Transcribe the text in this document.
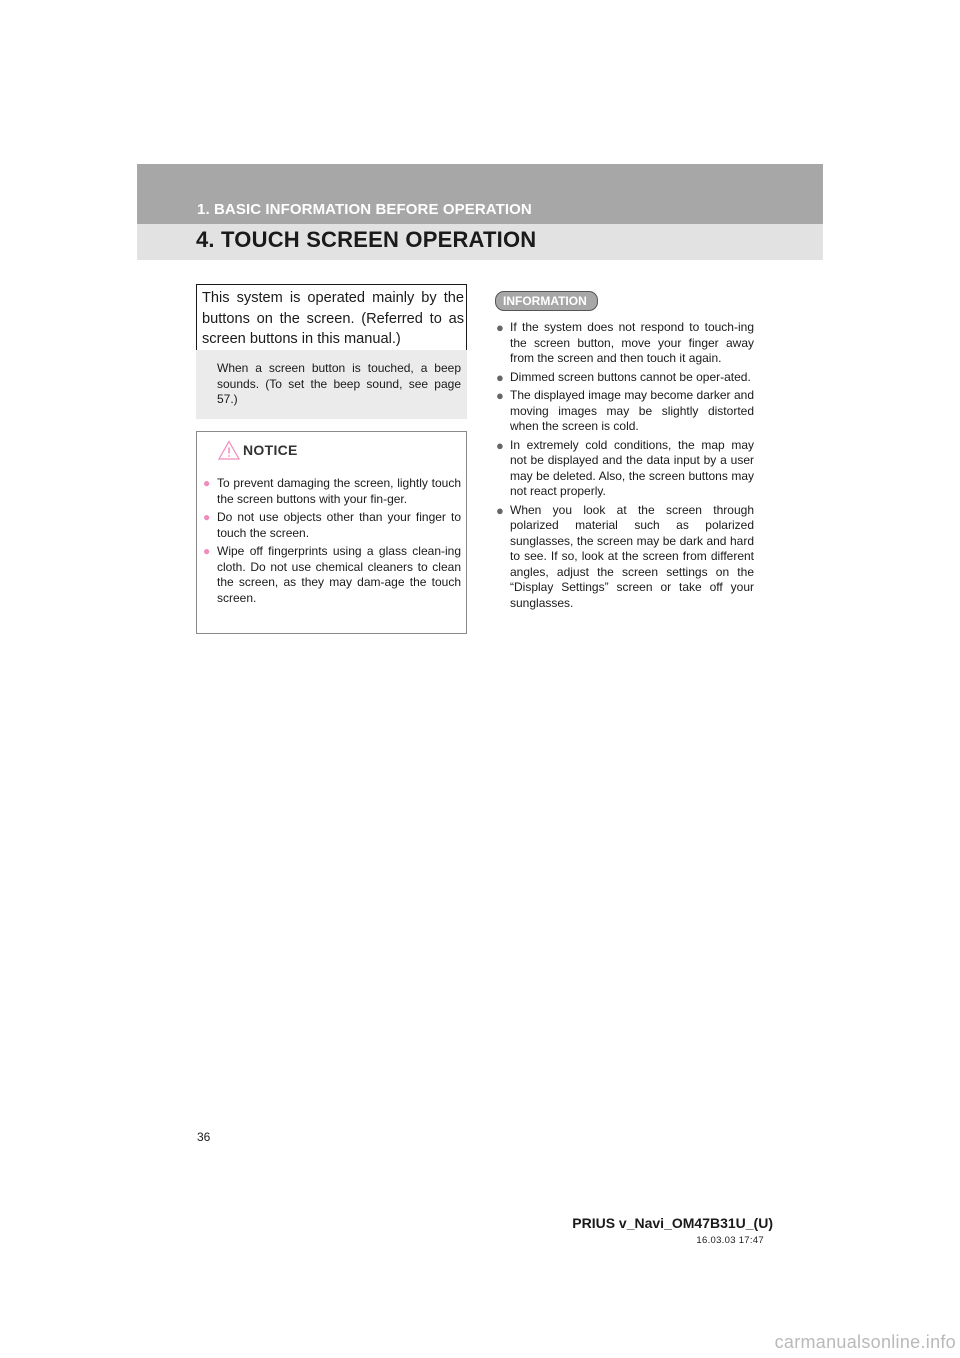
1. BASIC INFORMATION BEFORE OPERATION
4. TOUCH SCREEN OPERATION
This system is operated mainly by the buttons on the screen. (Referred to as screen buttons in this manual.)
When a screen button is touched, a beep sounds. (To set the beep sound, see page 57.)
NOTICE
● To prevent damaging the screen, lightly touch the screen buttons with your fin-ger.
● Do not use objects other than your finger to touch the screen.
● Wipe off fingerprints using a glass clean-ing cloth. Do not use chemical cleaners to clean the screen, as they may dam-age the touch screen.
INFORMATION
● If the system does not respond to touch-ing the screen button, move your finger away from the screen and then touch it again.
● Dimmed screen buttons cannot be oper-ated.
● The displayed image may become darker and moving images may be slightly distorted when the screen is cold.
● In extremely cold conditions, the map may not be displayed and the data input by a user may be deleted. Also, the screen buttons may not react properly.
● When you look at the screen through polarized material such as polarized sunglasses, the screen may be dark and hard to see. If so, look at the screen from different angles, adjust the screen settings on the “Display Settings” screen or take off your sunglasses.
36
PRIUS v_Navi_OM47B31U_(U)
16.03.03 17:47
carmanualsonline.info
